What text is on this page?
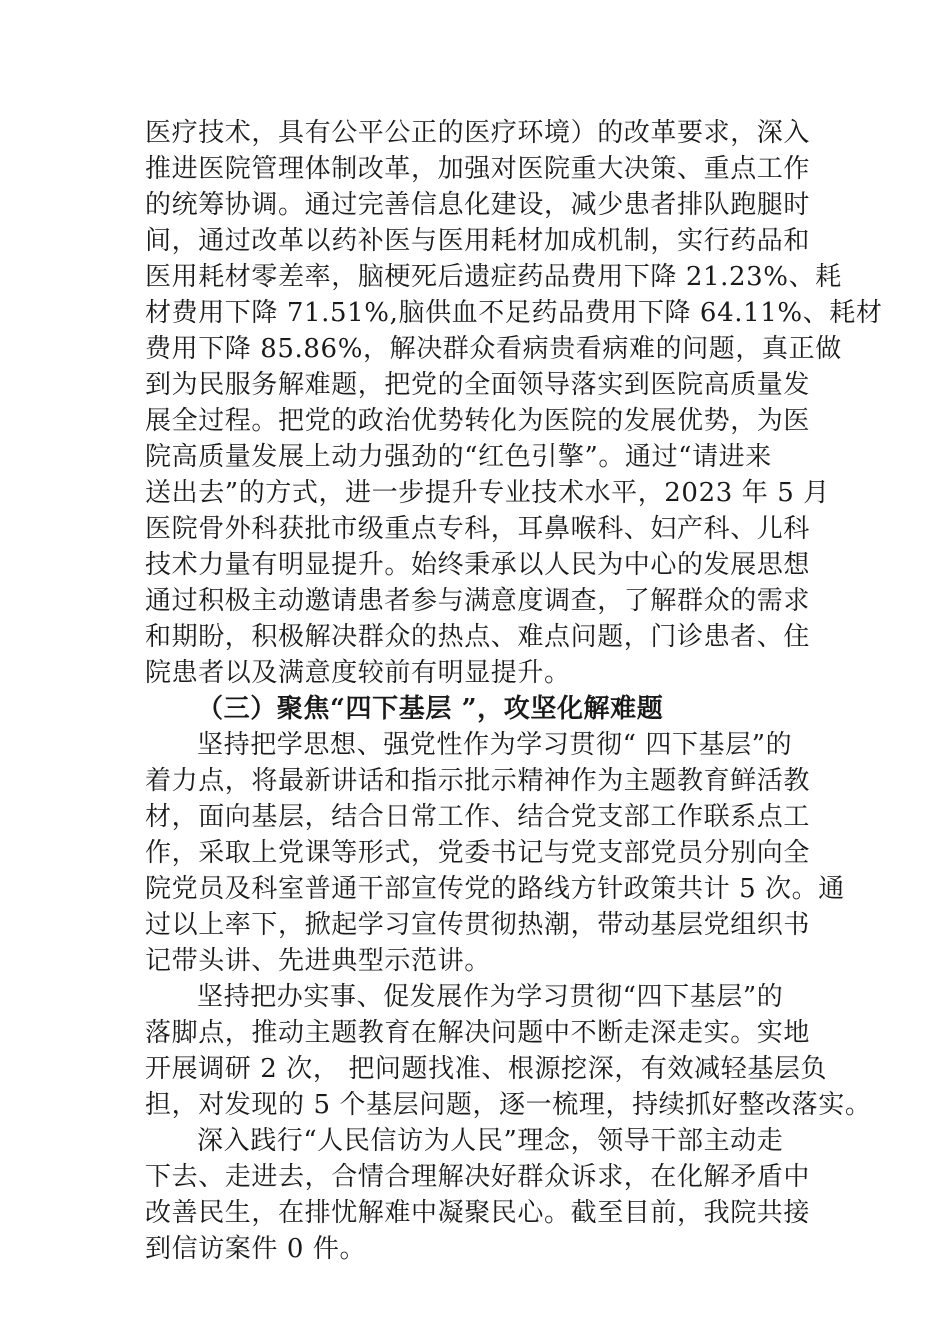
医疗技术，具有公平公正的医疗环境）的改革要求，深入
推进医院管理体制改革，加强对医院重大决策、重点工作
的统筹协调。通过完善信息化建设，减少患者排队跑腿时
间，通过改革以药补医与医用耗材加成机制，实行药品和
医用耗材零差率，脑梗死后遗症药品费用下降 21.23%、耗
材费用下降 71.51%,脑供血不足药品费用下降 64.11%、耗材
费用下降 85.86%，解决群众看病贵看病难的问题，真正做
到为民服务解难题，把党的全面领导落实到医院高质量发
展全过程。把党的政治优势转化为医院的发展优势，为医
院高质量发展上动力强劲的“红色引擎”。通过“请进来
送出去”的方式，进一步提升专业技术水平，2023 年 5 月
医院骨外科获批市级重点专科，耳鼻喉科、妇产科、儿科
技术力量有明显提升。始终秉承以人民为中心的发展思想
通过积极主动邀请患者参与满意度调查，了解群众的需求
和期盼，积极解决群众的热点、难点问题，门诊患者、住
院患者以及满意度较前有明显提升。
（三）聚焦“四下基层 ”，攻坚化解难题
坚持把学思想、强党性作为学习贯彻“ 四下基层”的
着力点，将最新讲话和指示批示精神作为主题教育鲜活教
材，面向基层，结合日常工作、结合党支部工作联系点工
作，采取上党课等形式，党委书记与党支部党员分别向全
院党员及科室普通干部宣传党的路线方针政策共计 5 次。通
过以上率下，掀起学习宣传贯彻热潮，带动基层党组织书
记带头讲、先进典型示范讲。
坚持把办实事、促发展作为学习贯彻“四下基层”的
落脚点，推动主题教育在解决问题中不断走深走实。实地
开展调研 2 次， 把问题找准、根源挖深，有效减轻基层负
担，对发现的 5 个基层问题，逐一梳理，持续抓好整改落实。
深入践行“人民信访为人民”理念，领导干部主动走
下去、走进去，合情合理解决好群众诉求，在化解矛盾中
改善民生，在排忧解难中凝聚民心。截至目前，我院共接
到信访案件 0 件。
